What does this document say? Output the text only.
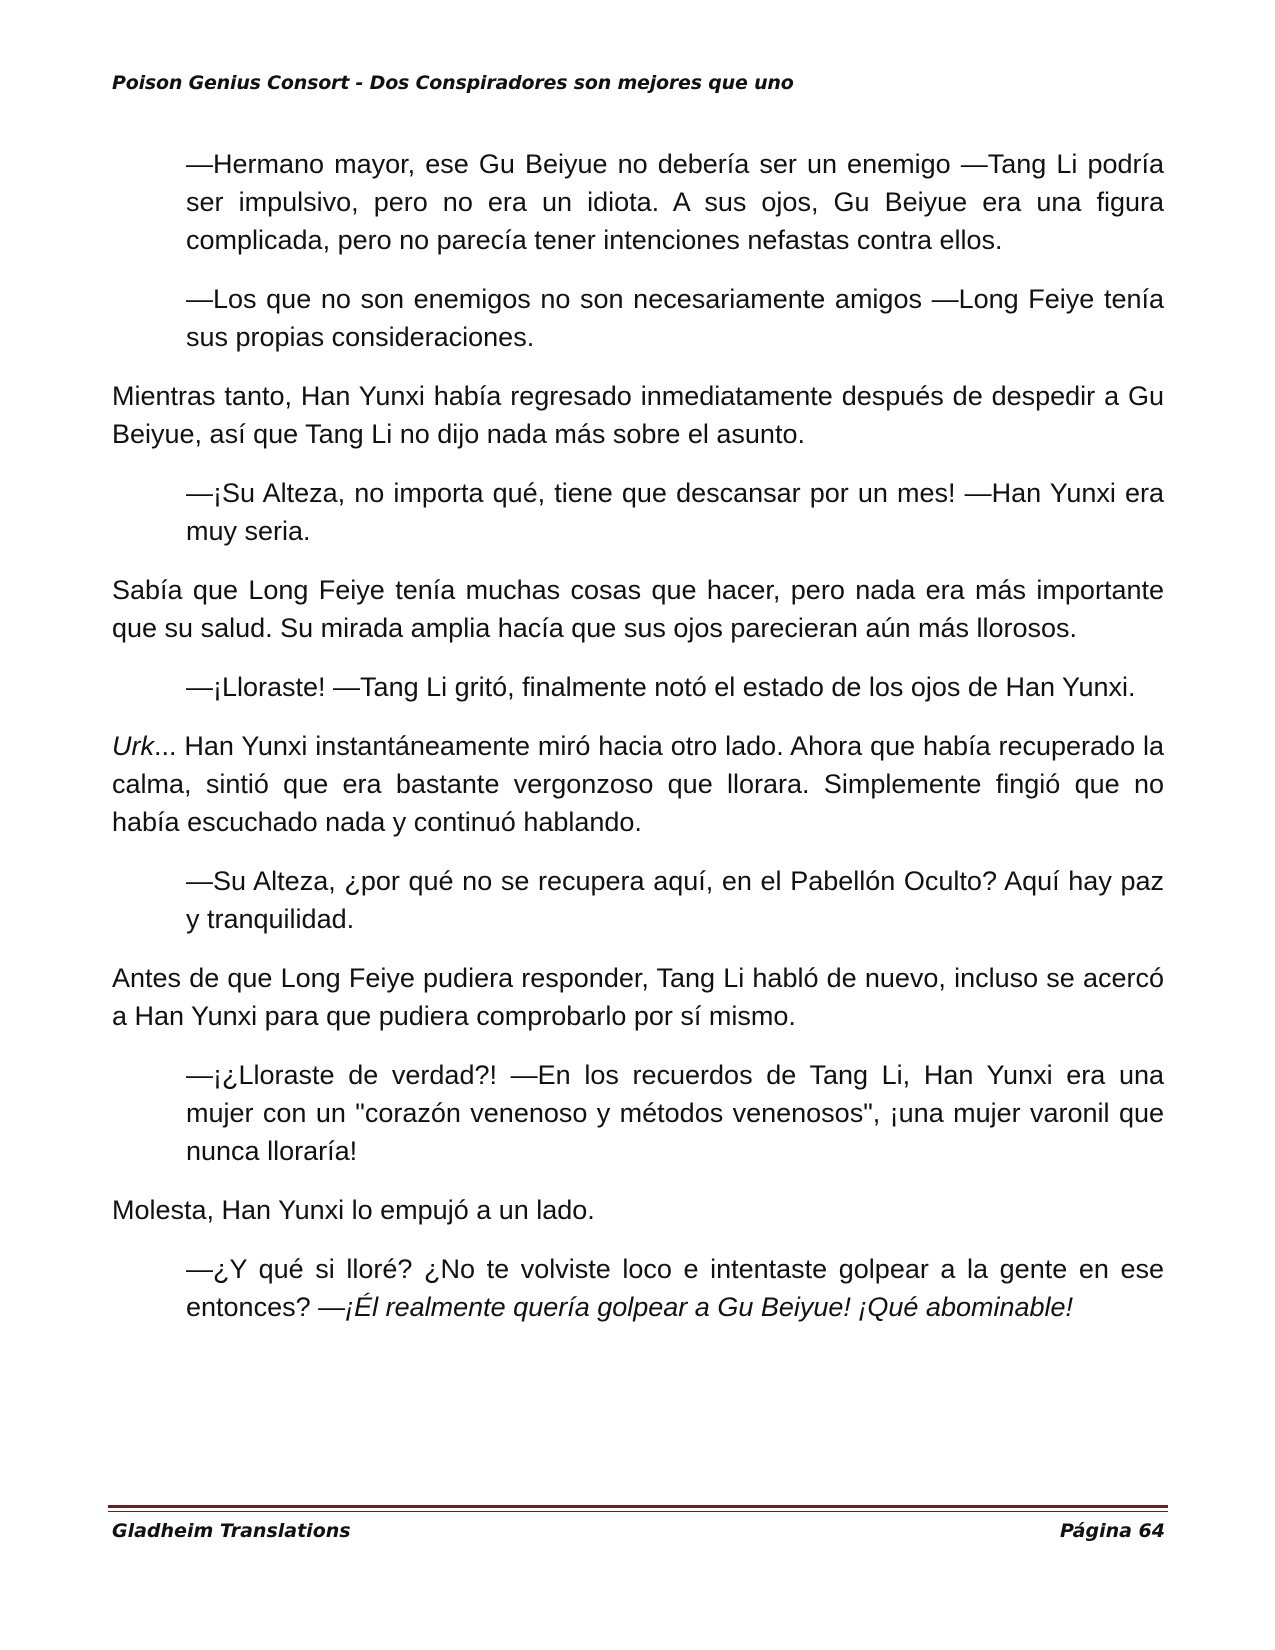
Poison Genius Consort - Dos Conspiradores son mejores que uno

—Hermano mayor, ese Gu Beiyue no debería ser un enemigo —Tang Li podría ser impulsivo, pero no era un idiota. A sus ojos, Gu Beiyue era una figura complicada, pero no parecía tener intenciones nefastas contra ellos.

—Los que no son enemigos no son necesariamente amigos —Long Feiye tenía sus propias consideraciones.

Mientras tanto, Han Yunxi había regresado inmediatamente después de despedir a Gu Beiyue, así que Tang Li no dijo nada más sobre el asunto.

—¡Su Alteza, no importa qué, tiene que descansar por un mes! —Han Yunxi era muy seria.

Sabía que Long Feiye tenía muchas cosas que hacer, pero nada era más importante que su salud. Su mirada amplia hacía que sus ojos parecieran aún más llorosos.

—¡Lloraste! —Tang Li gritó, finalmente notó el estado de los ojos de Han Yunxi.

Urk... Han Yunxi instantáneamente miró hacia otro lado. Ahora que había recuperado la calma, sintió que era bastante vergonzoso que llorara. Simplemente fingió que no había escuchado nada y continuó hablando.

—Su Alteza, ¿por qué no se recupera aquí, en el Pabellón Oculto? Aquí hay paz y tranquilidad.

Antes de que Long Feiye pudiera responder, Tang Li habló de nuevo, incluso se acercó a Han Yunxi para que pudiera comprobarlo por sí mismo.

—¡¿Lloraste de verdad?! —En los recuerdos de Tang Li, Han Yunxi era una mujer con un "corazón venenoso y métodos venenosos", ¡una mujer varonil que nunca lloraría!

Molesta, Han Yunxi lo empujó a un lado.

—¿Y qué si lloré? ¿No te volviste loco e intentaste golpear a la gente en ese entonces? —¡Él realmente quería golpear a Gu Beiyue! ¡Qué abominable!

Gladheim Translations	Página 64
